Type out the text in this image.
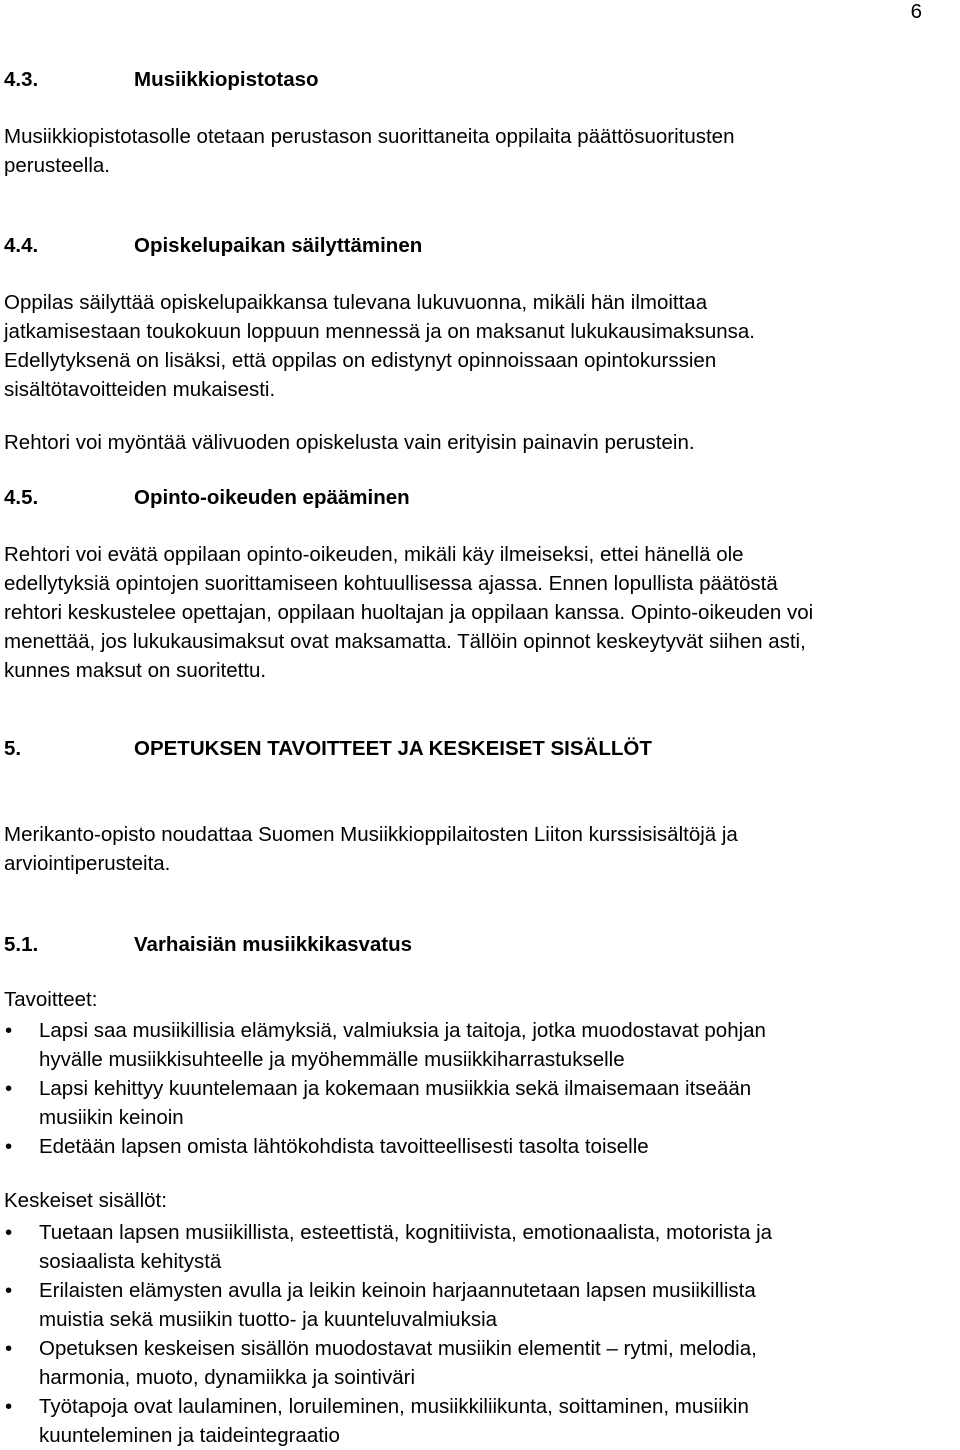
6
4.3.	Musiikkiopistotaso
Musiikkiopistotasolle otetaan perustason suorittaneita oppilaita päättösuoritusten
perusteella.
4.4.	Opiskelupaikan säilyttäminen
Oppilas säilyttää opiskelupaikkansa tulevana lukuvuonna, mikäli hän ilmoittaa
jatkamisestaan toukokuun loppuun mennessä ja on maksanut lukukausimaksunsa.
Edellytyksenä on lisäksi, että oppilas on edistynyt opinnoissaan opintokurssien
sisältötavoitteiden mukaisesti.
Rehtori voi myöntää välivuoden opiskelusta vain erityisin painavin perustein.
4.5.	Opinto-oikeuden epääminen
Rehtori voi evätä oppilaan opinto-oikeuden, mikäli käy ilmeiseksi, ettei hänellä ole
edellytyksiä opintojen suorittamiseen kohtuullisessa ajassa. Ennen lopullista päätöstä
rehtori keskustelee opettajan, oppilaan huoltajan ja oppilaan kanssa. Opinto-oikeuden voi
menettää, jos lukukausimaksut ovat maksamatta. Tällöin opinnot keskeytyvät siihen asti,
kunnes maksut on suoritettu.
5.	OPETUKSEN TAVOITTEET JA KESKEISET SISÄLLÖT
Merikanto-opisto noudattaa Suomen Musiikkioppilaitosten Liiton kurssisisältöjä ja
arviointiperusteita.
5.1.	Varhaisiän musiikkikasvatus
Tavoitteet:
• Lapsi saa musiikillisia elämyksiä, valmiuksia ja taitoja, jotka muodostavat pohjan
hyvälle musiikkisuhteelle ja myöhemmälle musiikkiharrastukselle
• Lapsi kehittyy kuuntelemaan ja kokemaan musiikkia sekä ilmaisemaan itseään
musiikin keinoin
• Edetään lapsen omista lähtökohdista tavoitteellisesti tasolta toiselle
Keskeiset sisällöt:
• Tuetaan lapsen musiikillista, esteettistä, kognitiivista, emotionaalista, motorista ja
sosiaalista kehitystä
• Erilaisten elämysten avulla ja leikin keinoin harjaannutetaan lapsen musiikillista
muistia sekä musiikin tuotto- ja kuunteluvalmiuksia
• Opetuksen keskeisen sisällön muodostavat musiikin elementit – rytmi, melodia,
harmonia, muoto, dynamiikka ja sointiväri
• Työtapoja ovat laulaminen, loruileminen, musiikkiliikunta, soittaminen, musiikin
kuunteleminen ja taideintegraatio
